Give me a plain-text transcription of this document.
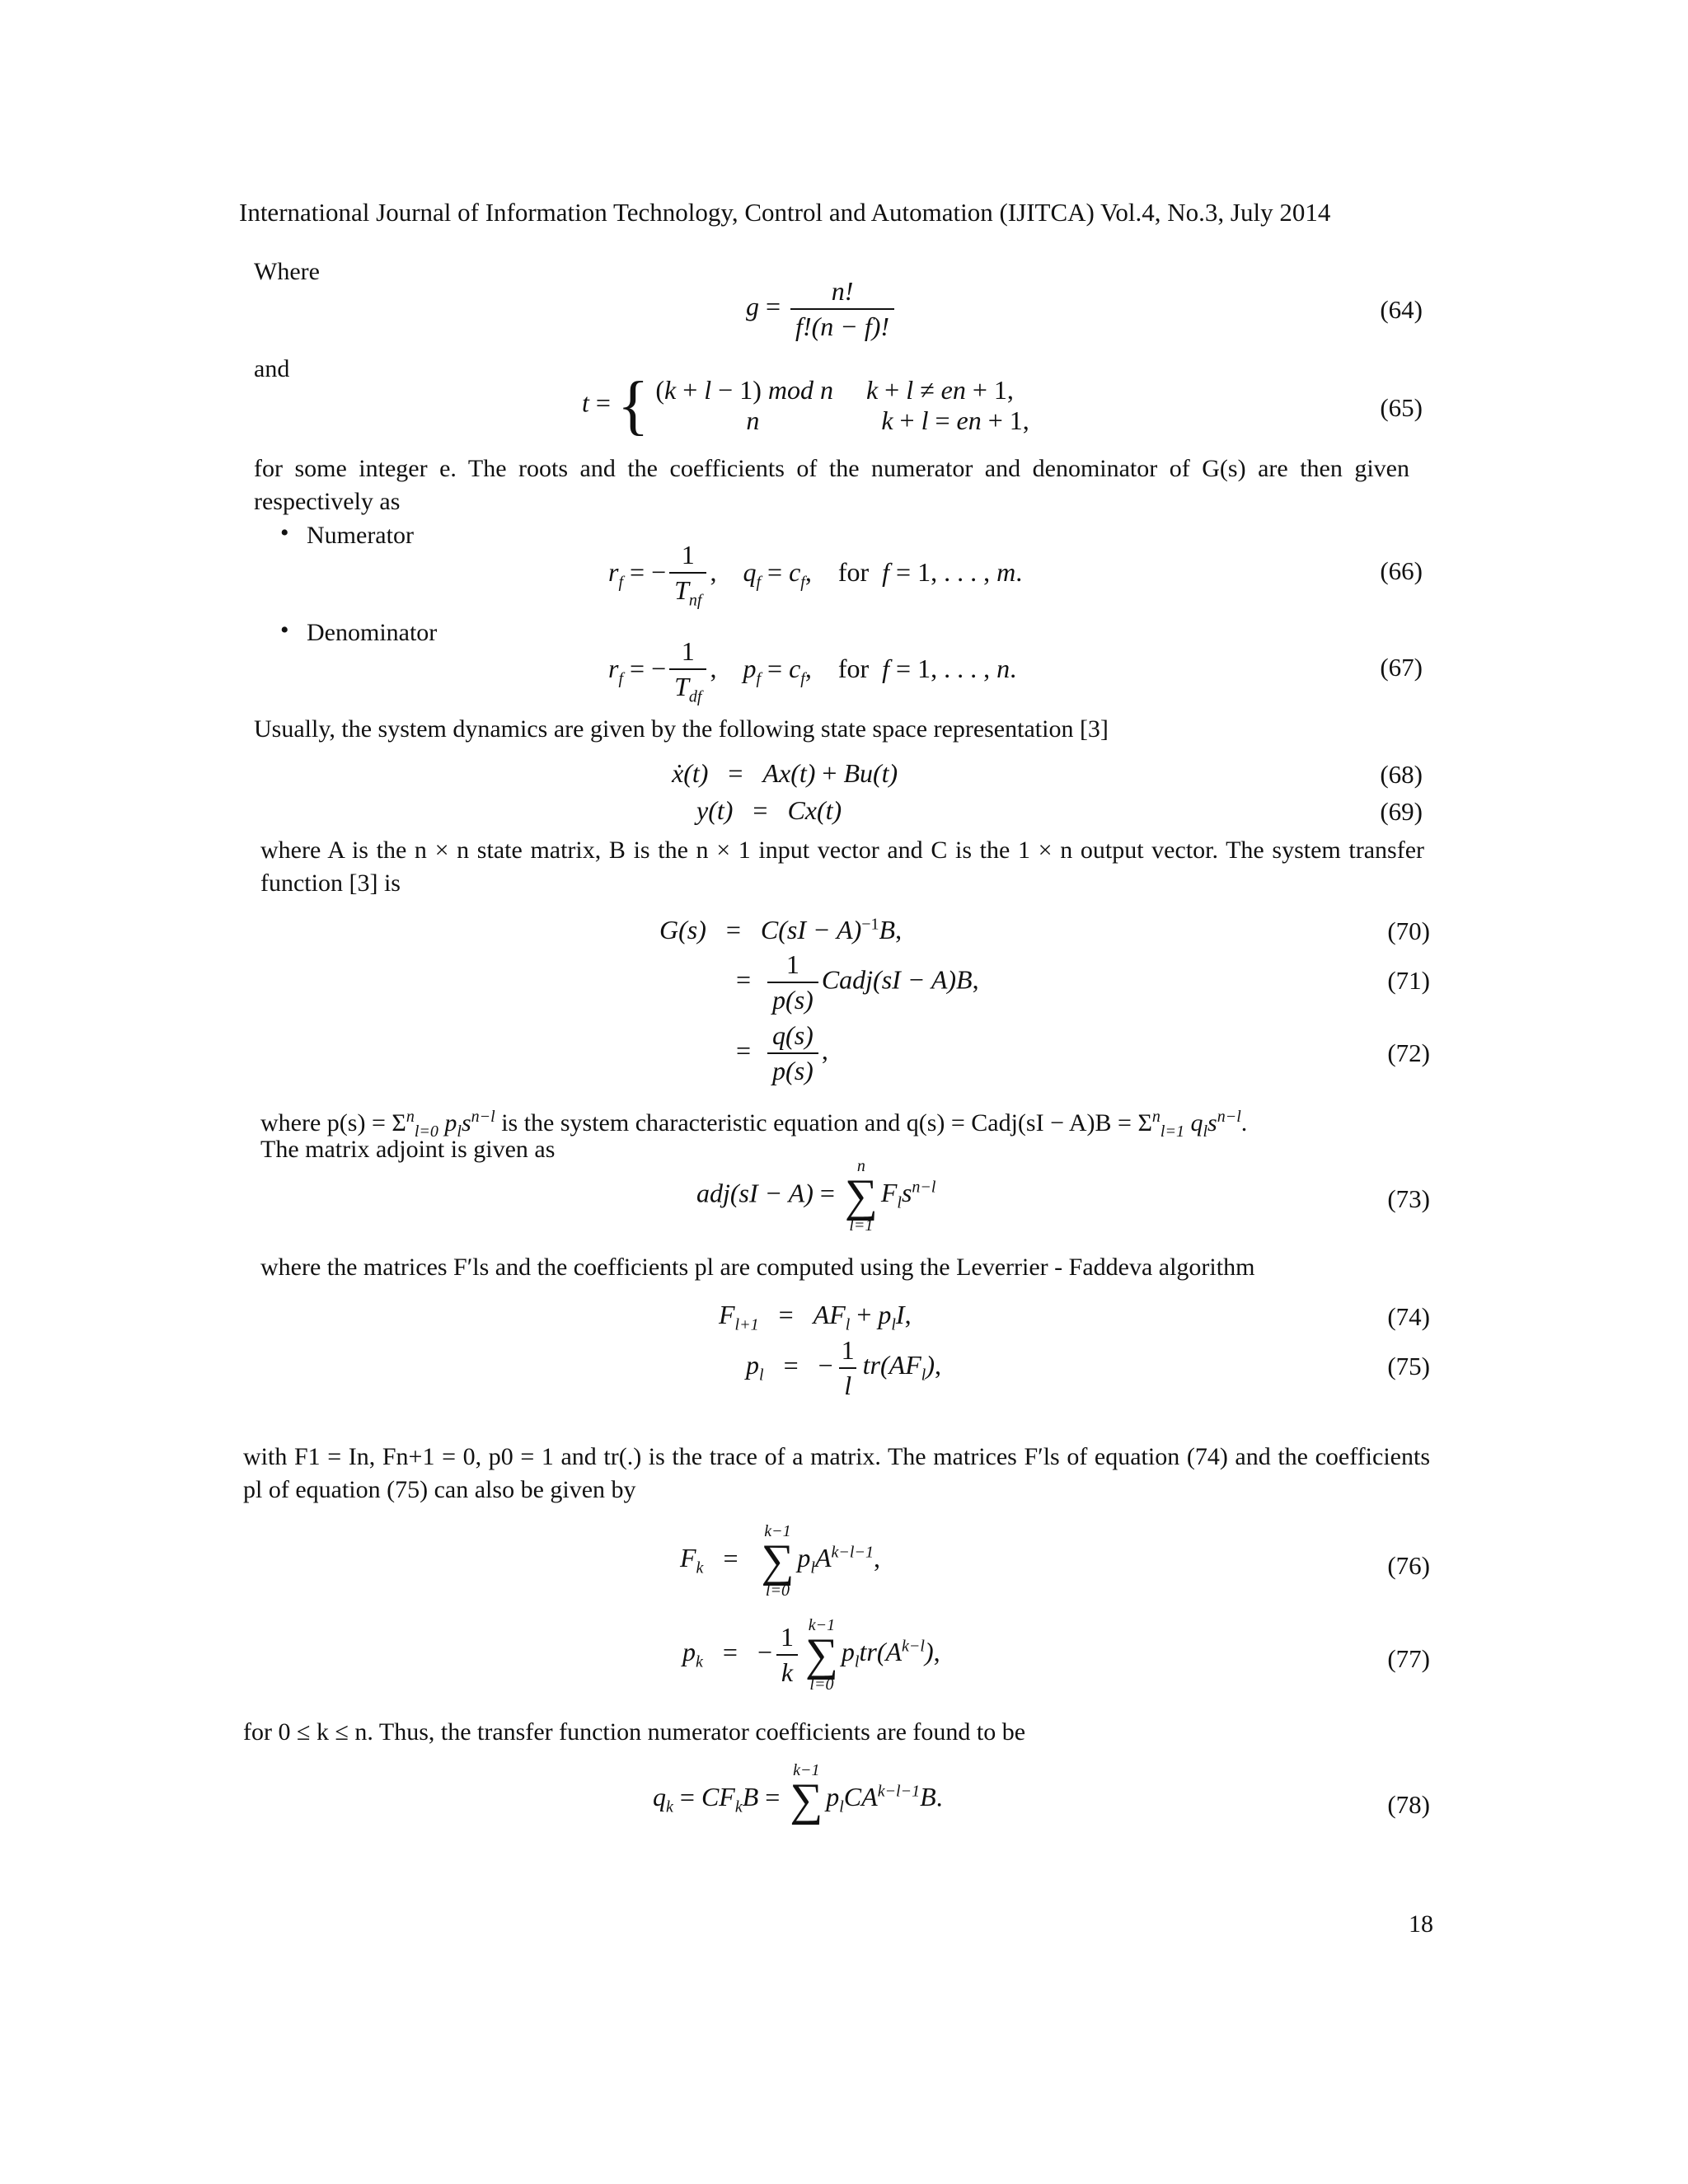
International Journal of Information Technology, Control and Automation (IJITCA) Vol.4, No.3, July 2014
Where
$g = \frac{n!}{f!(n - f)!}$	(64)
and
t = { (k + l − 1) mod n k + l ≠ en + 1,
n	k + l = en + 1,	(65)
for some integer e. The roots and the coefficients of the numerator and denominator of G(s) are then given respectively as
• Numerator
$r_f$ = − $\frac{1}{T_{nf}}$ ,    $q_f = c_f$,    for  f = 1, . . . , m.	(66)
• Denominator
$r_f$ = − $\frac{1}{T_{df}}$ ,    $p_f = c_f$,    for  f = 1, . . . , n.	(67)
Usually, the system dynamics are given by the following state space representation [3]
ẋ(t)   =   Ax(t) + Bu(t)	(68)
y(t)   =   Cx(t)	(69)
where A is the n × n state matrix, B is the n × 1 input vector and C is the 1 × n output vector. The system transfer function [3] is
G(s)   =   C(sI − A)$^{-1}$B,	(70)
= $\frac{1}{p(s)}$ Cadj(sI − A)B,	(71)
= $\frac{q(s)}{p(s)}$ ,	(72)
where $p(s) = \Sigma^n_{l=0}$ $p_ls^{n-l}$ is the system characteristic equation and q(s) = Cadj(sI − $A)B = \Sigma^n_{l=1}$ $q_ls^{n-l}$.
The matrix adjoint is given as
adj(sI − A) =
n
∑
l=1
$F_ls^{n-l}$	(73)
where the matrices F′ls and the coefficients pl are computed using the Leverrier - Faddeva algorithm
$F_{l+1} = AF_l + p_lI$,	(74)
$p_l$   =   − $\frac{1}{l} tr(AF_l)$,	(75)
with F1 = In, Fn+1 = 0, p0 = 1 and tr(.) is the trace of a matrix. The matrices F′ls of equation (74) and the coefficients pl of equation (75) can also be given by
$F_k$   =
k−1
∑
l=0
$p_lA^{k-l-1}$,	(76)
$p_k$   =   − $\frac{1}{k} k-1$
∑
l=0
$p_ltr(A^{k-l})$,	(77)
for 0 ≤ k ≤ n. Thus, the transfer function numerator coefficients are found to be
$q_k = CF_kB$ =
k−1
∑
$p_lCA^{k-l-1}B$.	(78)
18
